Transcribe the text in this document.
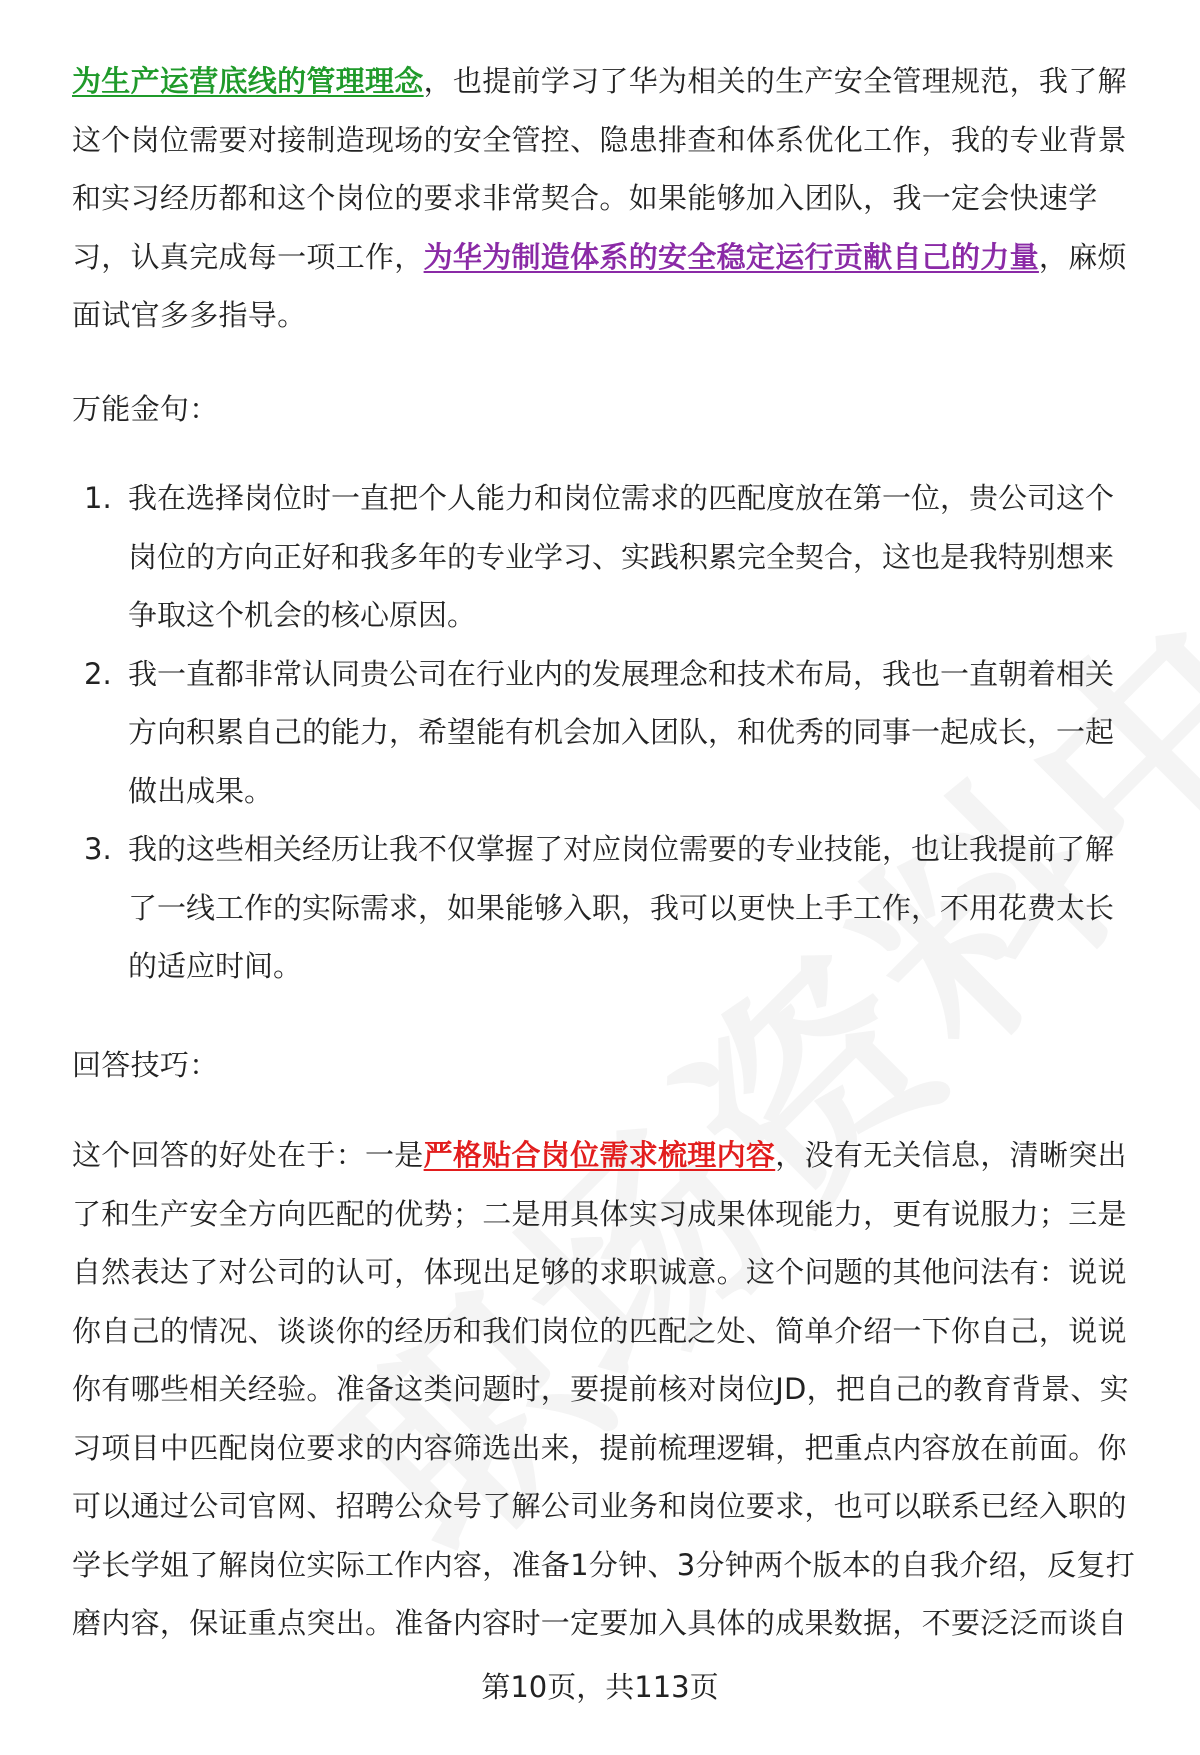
为生产运营底线的管理理念，也提前学习了华为相关的生产安全管理规范，我了解这个岗位需要对接制造现场的安全管控、隐患排查和体系优化工作，我的专业背景和实习经历都和这个岗位的要求非常契合。如果能够加入团队，我一定会快速学习，认真完成每一项工作，为华为制造体系的安全稳定运行贡献自己的力量，麻烦面试官多多指导。

万能金句：

1. 我在选择岗位时一直把个人能力和岗位需求的匹配度放在第一位，贵公司这个岗位的方向正好和我多年的专业学习、实践积累完全契合，这也是我特别想来争取这个机会的核心原因。
2. 我一直都非常认同贵公司在行业内的发展理念和技术布局，我也一直朝着相关方向积累自己的能力，希望能有机会加入团队，和优秀的同事一起成长，一起做出成果。
3. 我的这些相关经历让我不仅掌握了对应岗位需要的专业技能，也让我提前了解了一线工作的实际需求，如果能够入职，我可以更快上手工作，不用花费太长的适应时间。

回答技巧：

这个回答的好处在于：一是严格贴合岗位需求梳理内容，没有无关信息，清晰突出了和生产安全方向匹配的优势；二是用具体实习成果体现能力，更有说服力；三是自然表达了对公司的认可，体现出足够的求职诚意。这个问题的其他问法有：说说你自己的情况、谈谈你的经历和我们岗位的匹配之处、简单介绍一下你自己，说说你有哪些相关经验。准备这类问题时，要提前核对岗位JD，把自己的教育背景、实习项目中匹配岗位要求的内容筛选出来，提前梳理逻辑，把重点内容放在前面。你可以通过公司官网、招聘公众号了解公司业务和岗位要求，也可以联系已经入职的学长学姐了解岗位实际工作内容，准备1分钟、3分钟两个版本的自我介绍，反复打磨内容，保证重点突出。准备内容时一定要加入具体的成果数据，不要泛泛而谈自

第10页，共113页
